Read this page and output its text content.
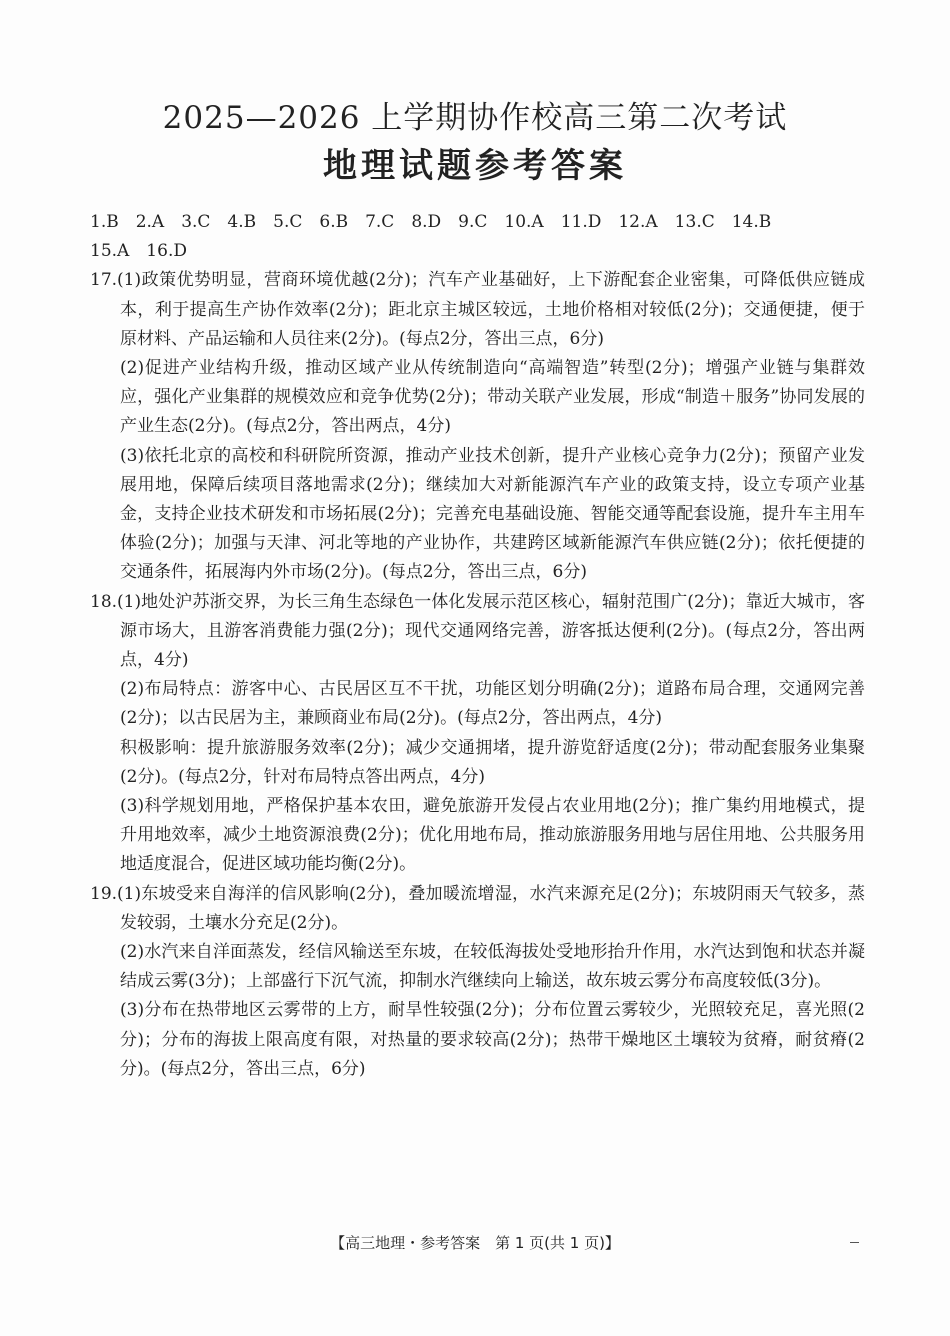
2025—2026 上学期协作校高三第二次考试
地理试题参考答案

1.B　2.A　3.C　4.B　5.C　6.B　7.C　8.D　9.C　10.A　11.D　12.A　13.C　14.B

15.A　16.D

17.(1)政策优势明显，营商环境优越(2分)；汽车产业基础好，上下游配套企业密集，可降低供应链成本，利于提高生产协作效率(2分)；距北京主城区较远，土地价格相对较低(2分)；交通便捷，便于原材料、产品运输和人员往来(2分)。(每点2分，答出三点，6分)

(2)促进产业结构升级，推动区域产业从传统制造向“高端智造”转型(2分)；增强产业链与集群效应，强化产业集群的规模效应和竞争优势(2分)；带动关联产业发展，形成“制造＋服务”协同发展的产业生态(2分)。(每点2分，答出两点，4分)

(3)依托北京的高校和科研院所资源，推动产业技术创新，提升产业核心竞争力(2分)；预留产业发展用地，保障后续项目落地需求(2分)；继续加大对新能源汽车产业的政策支持，设立专项产业基金，支持企业技术研发和市场拓展(2分)；完善充电基础设施、智能交通等配套设施，提升车主用车体验(2分)；加强与天津、河北等地的产业协作，共建跨区域新能源汽车供应链(2分)；依托便捷的交通条件，拓展海内外市场(2分)。(每点2分，答出三点，6分)

18.(1)地处沪苏浙交界，为长三角生态绿色一体化发展示范区核心，辐射范围广(2分)；靠近大城市，客源市场大，且游客消费能力强(2分)；现代交通网络完善，游客抵达便利(2分)。(每点2分，答出两点，4分)

(2)布局特点：游客中心、古民居区互不干扰，功能区划分明确(2分)；道路布局合理，交通网完善(2分)；以古民居为主，兼顾商业布局(2分)。(每点2分，答出两点，4分)

积极影响：提升旅游服务效率(2分)；减少交通拥堵，提升游览舒适度(2分)；带动配套服务业集聚(2分)。(每点2分，针对布局特点答出两点，4分)

(3)科学规划用地，严格保护基本农田，避免旅游开发侵占农业用地(2分)；推广集约用地模式，提升用地效率，减少土地资源浪费(2分)；优化用地布局，推动旅游服务用地与居住用地、公共服务用地适度混合，促进区域功能均衡(2分)。

19.(1)东坡受来自海洋的信风影响(2分)，叠加暖流增湿，水汽来源充足(2分)；东坡阴雨天气较多，蒸发较弱，土壤水分充足(2分)。

(2)水汽来自洋面蒸发，经信风输送至东坡，在较低海拔处受地形抬升作用，水汽达到饱和状态并凝结成云雾(3分)；上部盛行下沉气流，抑制水汽继续向上输送，故东坡云雾分布高度较低(3分)。

(3)分布在热带地区云雾带的上方，耐旱性较强(2分)；分布位置云雾较少，光照较充足，喜光照(2分)；分布的海拔上限高度有限，对热量的要求较高(2分)；热带干燥地区土壤较为贫瘠，耐贫瘠(2分)。(每点2分，答出三点，6分)

【高三地理・参考答案　第 1 页(共 1 页)】
